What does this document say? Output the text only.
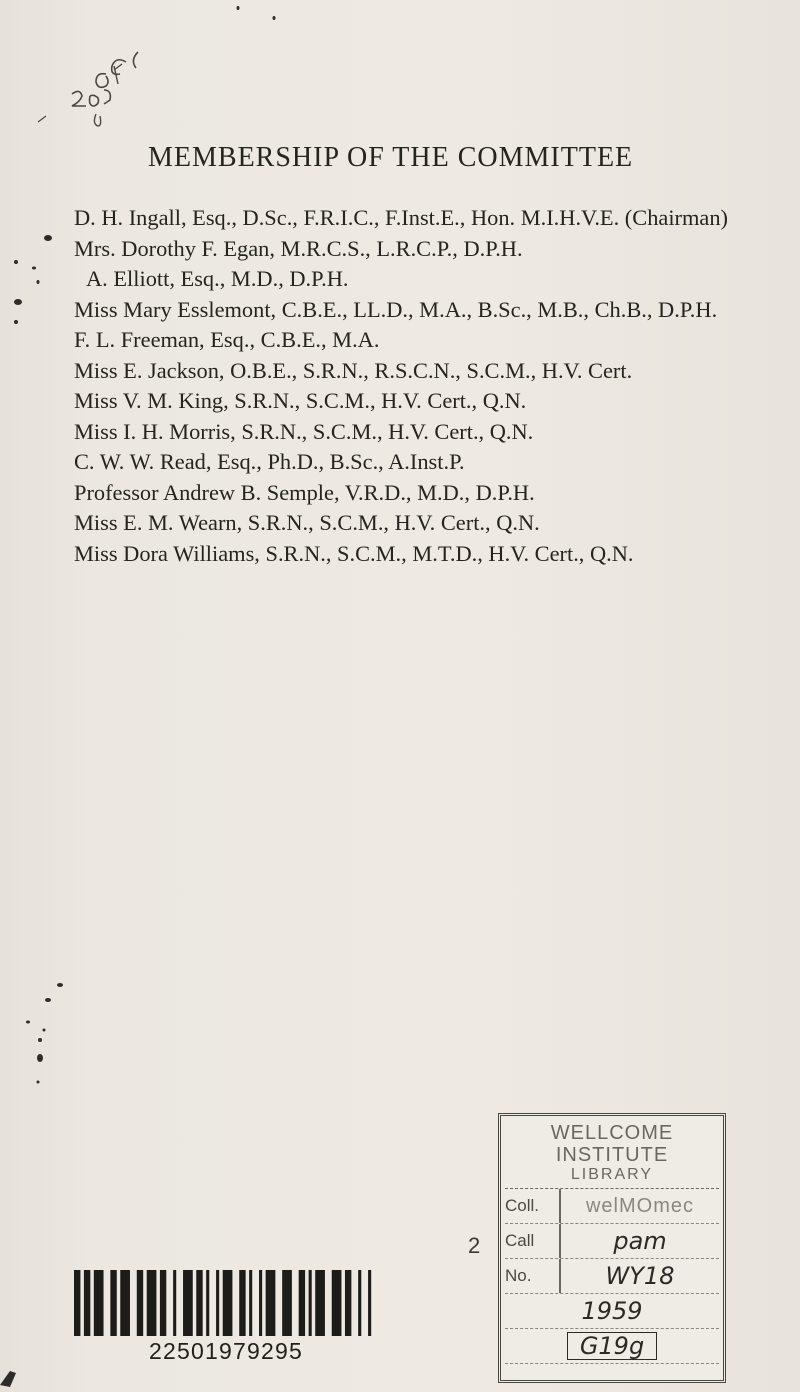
MEMBERSHIP OF THE COMMITTEE
D. H. Ingall, Esq., D.Sc., F.R.I.C., F.Inst.E., Hon. M.I.H.V.E. (Chairman)
Mrs. Dorothy F. Egan, M.R.C.S., L.R.C.P., D.P.H.
A. Elliott, Esq., M.D., D.P.H.
Miss Mary Esslemont, C.B.E., LL.D., M.A., B.Sc., M.B., Ch.B., D.P.H.
F. L. Freeman, Esq., C.B.E., M.A.
Miss E. Jackson, O.B.E., S.R.N., R.S.C.N., S.C.M., H.V. Cert.
Miss V. M. King, S.R.N., S.C.M., H.V. Cert., Q.N.
Miss I. H. Morris, S.R.N., S.C.M., H.V. Cert., Q.N.
C. W. W. Read, Esq., Ph.D., B.Sc., A.Inst.P.
Professor Andrew B. Semple, V.R.D., M.D., D.P.H.
Miss E. M. Wearn, S.R.N., S.C.M., H.V. Cert., Q.N.
Miss Dora Williams, S.R.N., S.C.M., M.T.D., H.V. Cert., Q.N.
2
22501979295
WELLCOME INSTITUTE
LIBRARY
Coll.	welMOmec
Call	pam
No.	WY18
1959
G19g
